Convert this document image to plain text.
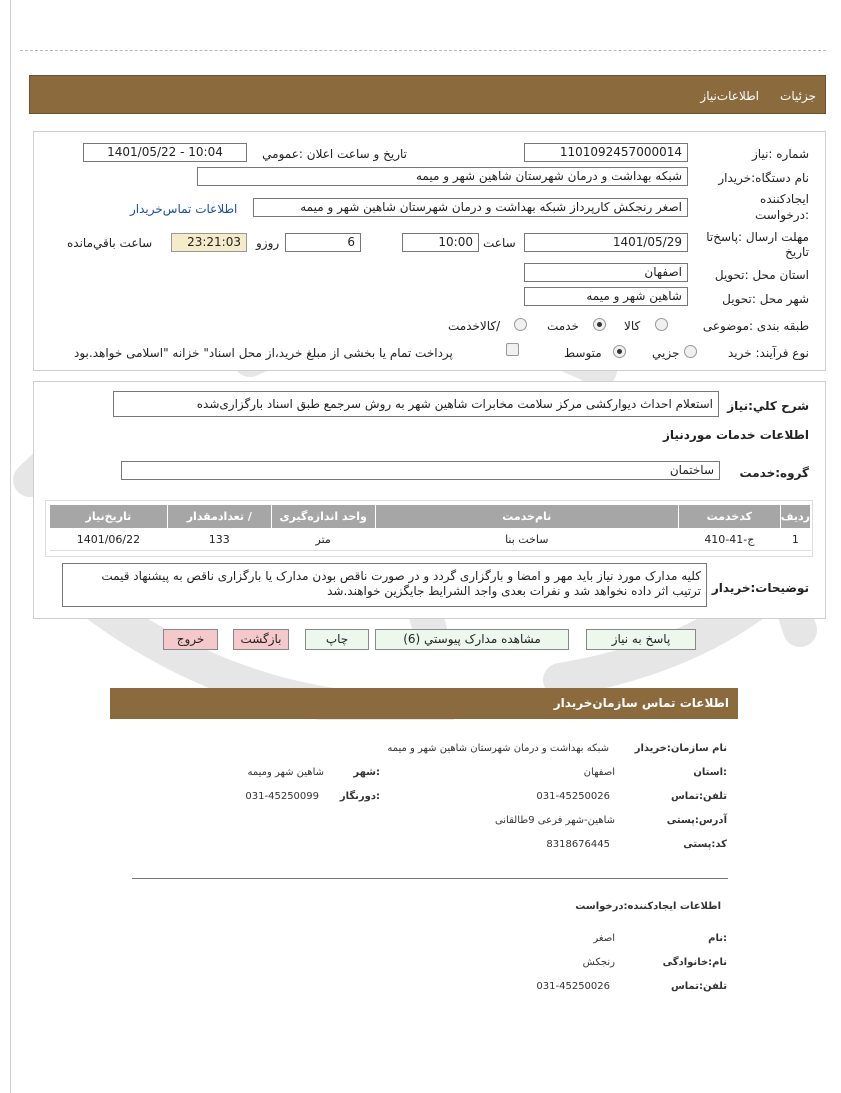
جزئیات
اطلاعات‌نیاز
شماره :نیاز
1101092457000014
تاريخ و ساعت اعلان :عمومي
1401/05/22 - 10:04
نام دستگاه:خریدار
شبکه بهداشت و درمان شهرستان شاهین شهر و میمه
ایجادکننده
:درخواست
اصغر رنجکش کارپرداز شبکه بهداشت و درمان شهرستان شاهین شهر و میمه
اطلاعات تماس‌خریدار
مهلت ارسال :پاسخ‌تا
تاریخ
1401/05/29
ساعت
10:00
6
روزو
23:21:03
ساعت باقي‌مانده
استان محل :تحویل
اصفهان
شهر محل :تحویل
شاهین شهر و میمه
طبقه بندی :موضوعی
کالا
خدمت
/کالاخدمت
نوع فرآیند: خرید
جزیي
متوسط
پرداخت تمام یا بخشی از مبلغ خرید،از محل اسناد" خزانه "اسلامی خواهد.بود
شرح کلي:نیاز
استعلام احداث دیوارکشی مرکز سلامت مخابرات شاهین شهر به روش سرجمع طبق اسناد بارگزاری‌شده
اطلاعات خدمات موردنیاز
گروه:خدمت
ساختمان
ردیف	کدخدمت	نام‌خدمت	واحد اندازه‌گیری	/ تعدادمقدار	تاریخ‌نیاز
1	ج-41-410	ساخت بنا	متر	133	1401/06/22
توضیحات:خریدار
کلیه مدارک مورد نیاز باید مهر و امضا و بارگزاری گردد و در صورت ناقص بودن مدارک یا بارگزاری ناقص به پیشنهاد قیمت
ترتیب اثر داده نخواهد شد و نفرات بعدی واجد الشرایط جایگزین خواهند.شد
پاسخ به نیاز
مشاهده مدارک پیوستي (6)
چاپ
بازگشت
خروج
اطلاعات تماس سازمان‌خریدار
نام سازمان:خریدار
شبکه بهداشت و درمان شهرستان شاهین شهر و میمه
:استان
اصفهان
:شهر
شاهین شهر ومیمه
تلفن:تماس
031-45250026
:دورنگار
031-45250099
آدرس:پستی
شاهین-شهر فرعی 9طالقانی
کد:پستی
8318676445
اطلاعات ایجادکننده:درخواست
:نام
اصغر
نام:خانوادگی
رنجکش
تلفن:تماس
031-45250026
